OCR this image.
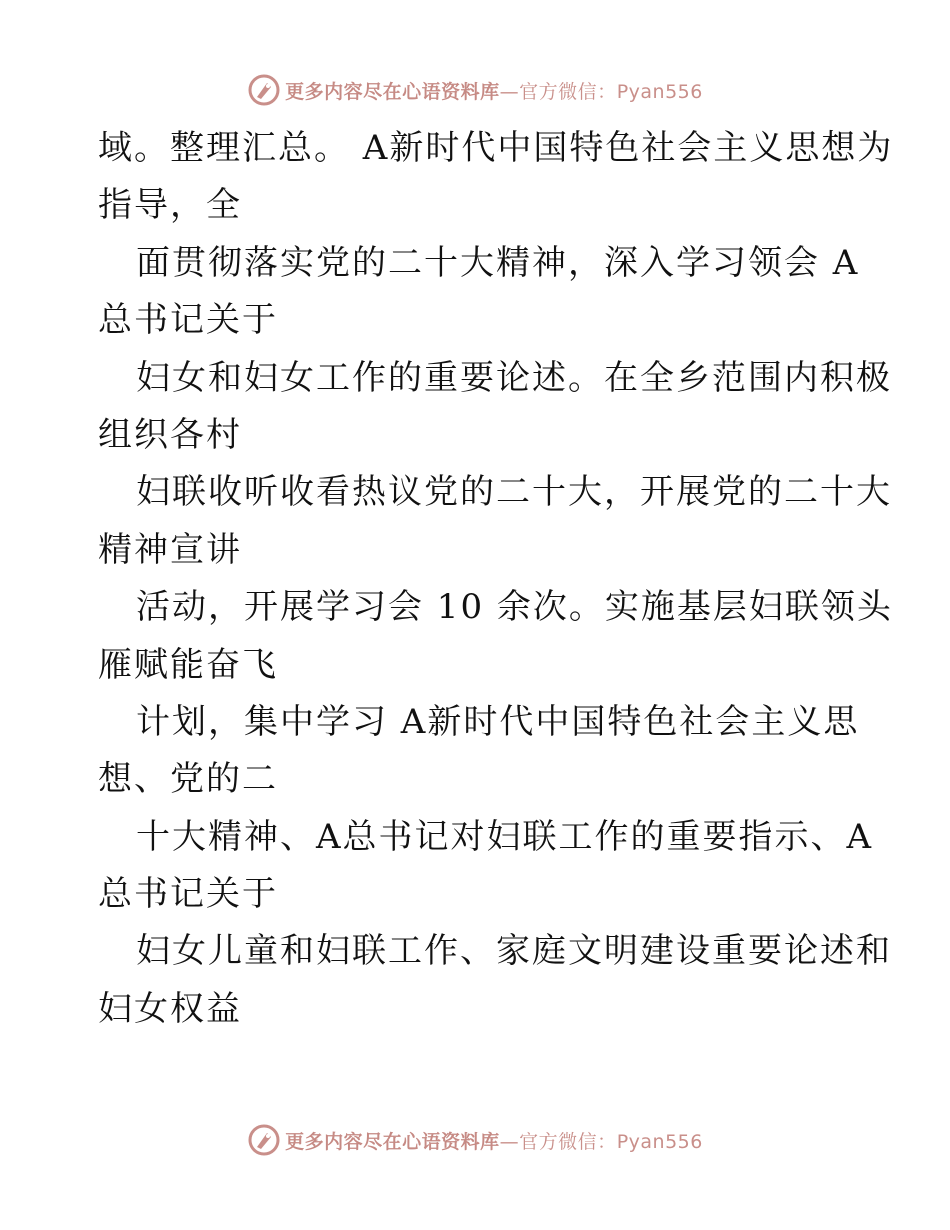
更多内容尽在心语资料库—官方微信：Pyan556
域。整理汇总。 A新时代中国特色社会主义思想为
指导，全
面贯彻落实党的二十大精神，深入学习领会 A
总书记关于
妇女和妇女工作的重要论述。在全乡范围内积极
组织各村
妇联收听收看热议党的二十大，开展党的二十大
精神宣讲
活动，开展学习会 10 余次。实施基层妇联领头
雁赋能奋飞
计划，集中学习 A新时代中国特色社会主义思
想、党的二
十大精神、A总书记对妇联工作的重要指示、A
总书记关于
妇女儿童和妇联工作、家庭文明建设重要论述和
妇女权益
更多内容尽在心语资料库—官方微信：Pyan556
